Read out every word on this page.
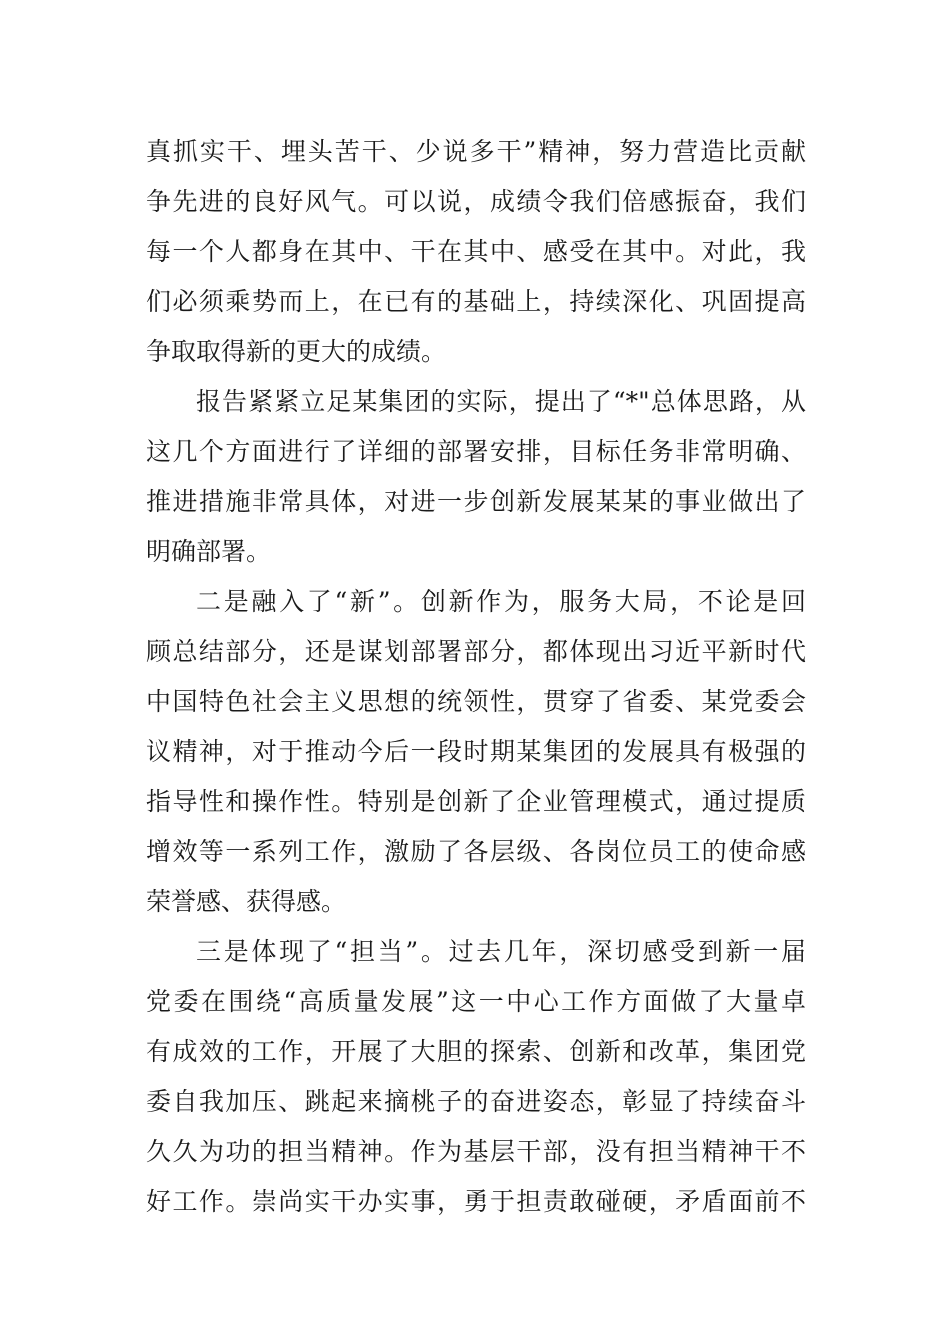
真抓实干、埋头苦干、少说多干”精神，努力营造比贡献
争先进的良好风气。可以说，成绩令我们倍感振奋，我们
每一个人都身在其中、干在其中、感受在其中。对此，我
们必须乘势而上，在已有的基础上，持续深化、巩固提高
争取取得新的更大的成绩。
报告紧紧立足某集团的实际，提出了“*"总体思路，从
这几个方面进行了详细的部署安排，目标任务非常明确、
推进措施非常具体，对进一步创新发展某某的事业做出了
明确部署。
二是融入了“新”。创新作为，服务大局，不论是回
顾总结部分，还是谋划部署部分，都体现出习近平新时代
中国特色社会主义思想的统领性，贯穿了省委、某党委会
议精神，对于推动今后一段时期某集团的发展具有极强的
指导性和操作性。特别是创新了企业管理模式，通过提质
增效等一系列工作，激励了各层级、各岗位员工的使命感
荣誉感、获得感。
三是体现了“担当”。过去几年，深切感受到新一届
党委在围绕“高质量发展”这一中心工作方面做了大量卓
有成效的工作，开展了大胆的探索、创新和改革，集团党
委自我加压、跳起来摘桃子的奋进姿态，彰显了持续奋斗
久久为功的担当精神。作为基层干部，没有担当精神干不
好工作。崇尚实干办实事，勇于担责敢碰硬，矛盾面前不
